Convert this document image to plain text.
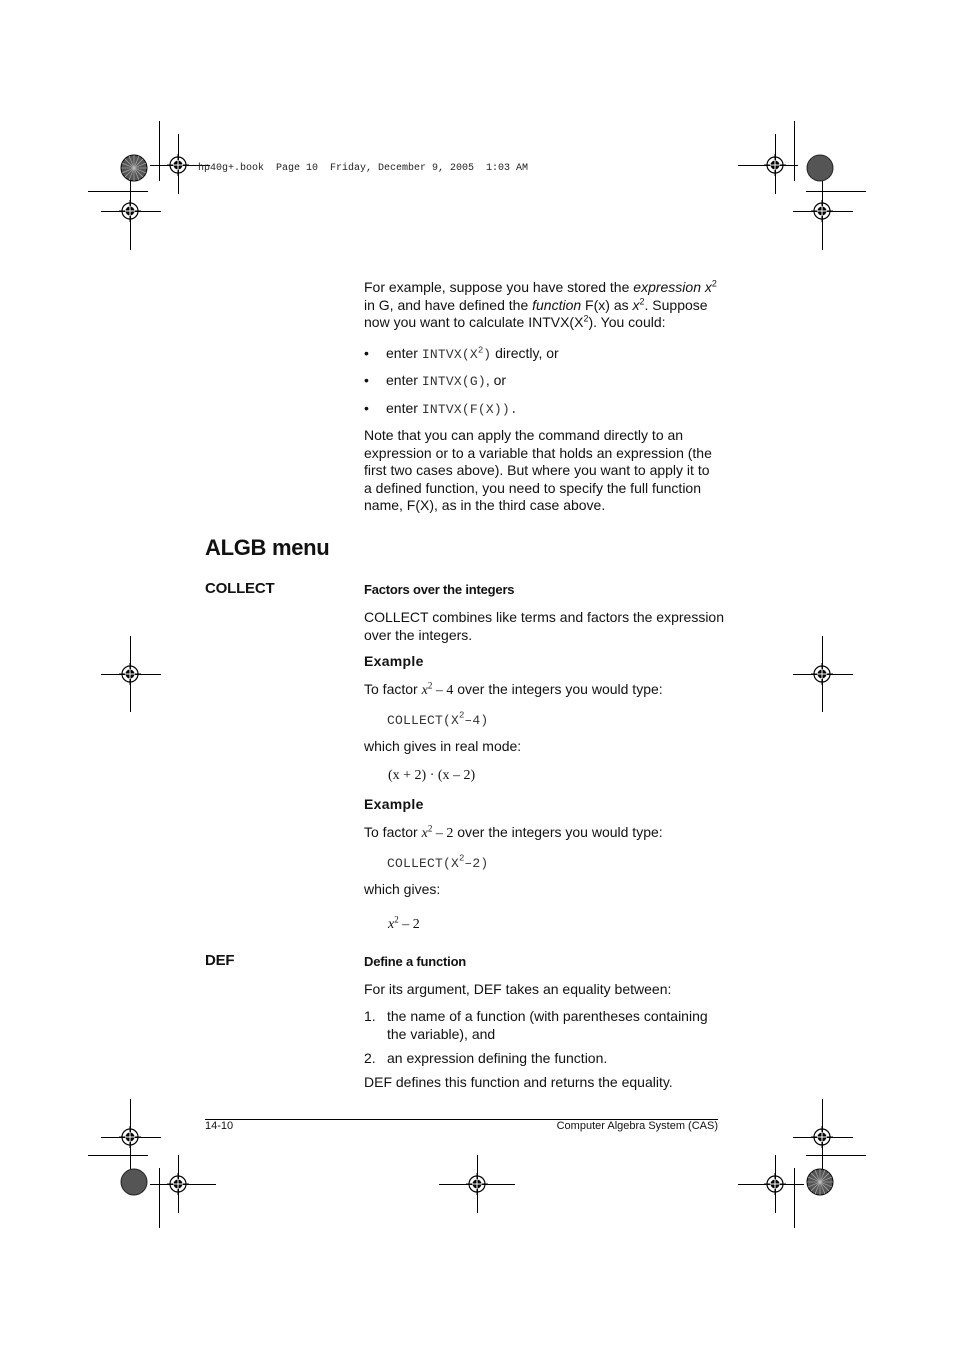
hp40g+.book  Page 10  Friday, December 9, 2005  1:03 AM
For example, suppose you have stored the expression $x^2$
in G, and have defined the function F(x) as $x^2$. Suppose
now you want to calculate $INTVX(X^2)$. You could:
• enter $INTVX(X^2)$ directly, or
• enter INTVX(G), or
• enter INTVX(F(X)).
Note that you can apply the command directly to an
expression or to a variable that holds an expression (the
first two cases above). But where you want to apply it to
a defined function, you need to specify the full function
name, F(X), as in the third case above.
ALGB menu
COLLECT	Factors over the integers
COLLECT combines like terms and factors the expression
over the integers.
Example
To factor $x^2 - 4$ over the integers you would type:
$COLLECT(X^2-4)$
which gives in real mode:
(x + 2) · (x – 2)
Example
To factor $x^2 - 2$ over the integers you would type:
$COLLECT(X^2-2)$
which gives:
$x^2 - 2$
DEF	Define a function
For its argument, DEF takes an equality between:
1. the name of a function (with parentheses containing
the variable), and
2. an expression defining the function.
DEF defines this function and returns the equality.
14-10	Computer Algebra System (CAS)
